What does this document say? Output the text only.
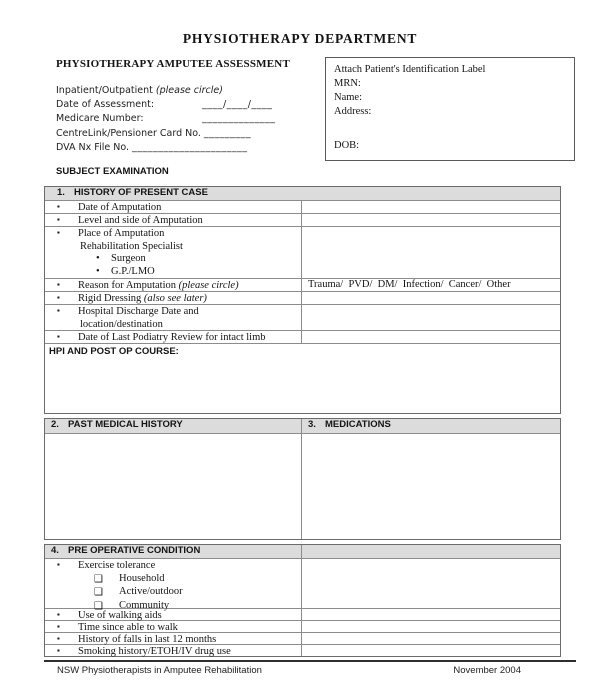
PHYSIOTHERAPY DEPARTMENT
PHYSIOTHERAPY AMPUTEE ASSESSMENT	Attach Patient's Identification Label
MRN:
Name:
Address:
DOB:
Inpatient/Outpatient (please circle)
Date of Assessment:	____/____/____
Medicare Number:	______________
CentreLink/Pensioner Card No. _________
DVA Nx File No. ______________________
SUBJECT EXAMINATION
1. HISTORY OF PRESENT CASE
▪ Date of Amputation
▪ Level and side of Amputation
▪ Place of Amputation
Rehabilitation Specialist
• Surgeon
• G.P./LMO
▪ Reason for Amputation (please circle)	Trauma/  PVD/  DM/  Infection/  Cancer/  Other
▪ Rigid Dressing (also see later)
▪ Hospital Discharge Date and
location/destination
▪ Date of Last Podiatry Review for intact limb
HPI AND POST OP COURSE:
2. PAST MEDICAL HISTORY	3. MEDICATIONS
4. PRE OPERATIVE CONDITION
▪ Exercise tolerance
❑ Household
❑ Active/outdoor
❑ Community
▪ Use of walking aids
▪ Time since able to walk
▪ History of falls in last 12 months
▪ Smoking history/ETOH/IV drug use
NSW Physiotherapists in Amputee Rehabilitation	November 2004
